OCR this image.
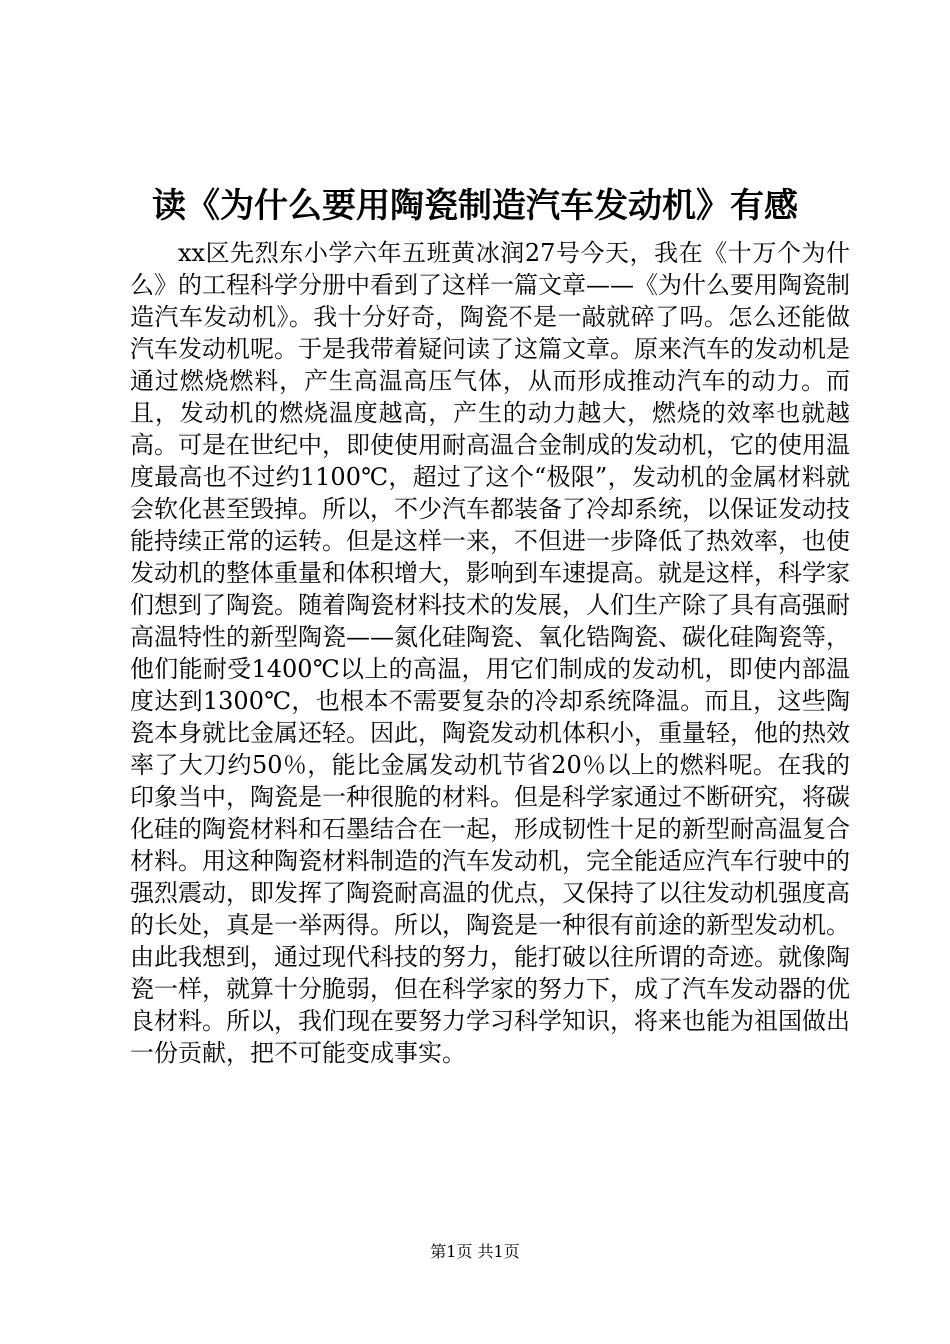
读《为什么要用陶瓷制造汽车发动机》有感

xx区先烈东小学六年五班黄冰润27号今天，我在《十万个为什么》的工程科学分册中看到了这样一篇文章——《为什么要用陶瓷制造汽车发动机》。我十分好奇，陶瓷不是一敲就碎了吗。怎么还能做汽车发动机呢。于是我带着疑问读了这篇文章。原来汽车的发动机是通过燃烧燃料，产生高温高压气体，从而形成推动汽车的动力。而且，发动机的燃烧温度越高，产生的动力越大，燃烧的效率也就越高。可是在世纪中，即使使用耐高温合金制成的发动机，它的使用温度最高也不过约1100℃，超过了这个“极限”，发动机的金属材料就会软化甚至毁掉。所以，不少汽车都装备了冷却系统，以保证发动技能持续正常的运转。但是这样一来，不但进一步降低了热效率，也使发动机的整体重量和体积增大，影响到车速提高。就是这样，科学家们想到了陶瓷。随着陶瓷材料技术的发展，人们生产除了具有高强耐高温特性的新型陶瓷——氮化硅陶瓷、氧化锆陶瓷、碳化硅陶瓷等，他们能耐受1400℃以上的高温，用它们制成的发动机，即使内部温度达到1300℃，也根本不需要复杂的冷却系统降温。而且，这些陶瓷本身就比金属还轻。因此，陶瓷发动机体积小，重量轻，他的热效率了大刀约50％，能比金属发动机节省20％以上的燃料呢。在我的印象当中，陶瓷是一种很脆的材料。但是科学家通过不断研究，将碳化硅的陶瓷材料和石墨结合在一起，形成韧性十足的新型耐高温复合材料。用这种陶瓷材料制造的汽车发动机，完全能适应汽车行驶中的强烈震动，即发挥了陶瓷耐高温的优点，又保持了以往发动机强度高的长处，真是一举两得。所以，陶瓷是一种很有前途的新型发动机。由此我想到，通过现代科技的努力，能打破以往所谓的奇迹。就像陶瓷一样，就算十分脆弱，但在科学家的努力下，成了汽车发动器的优良材料。所以，我们现在要努力学习科学知识，将来也能为祖国做出一份贡献，把不可能变成事实。

第1页 共1页
